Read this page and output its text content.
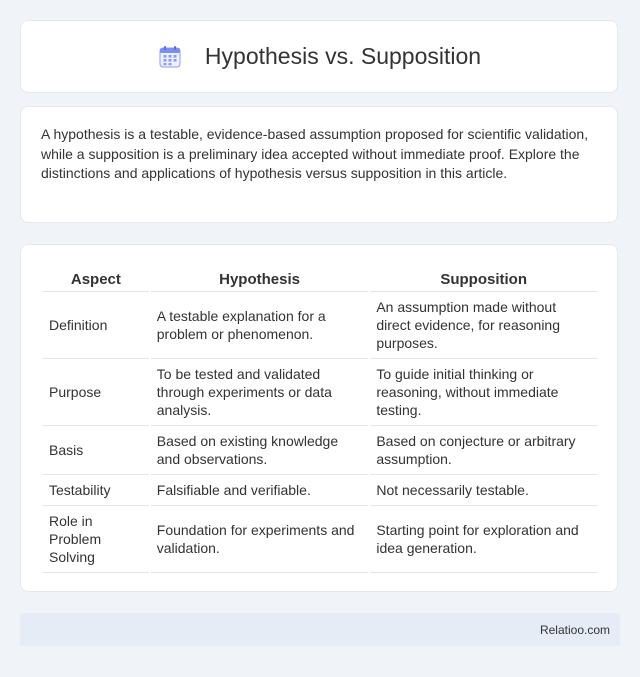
Hypothesis vs. Supposition

A hypothesis is a testable, evidence-based assumption proposed for scientific validation, while a supposition is a preliminary idea accepted without immediate proof. Explore the distinctions and applications of hypothesis versus supposition in this article.

Aspect	Hypothesis	Supposition
Definition	A testable explanation for a problem or phenomenon.	An assumption made without direct evidence, for reasoning purposes.
Purpose	To be tested and validated through experiments or data analysis.	To guide initial thinking or reasoning, without immediate testing.
Basis	Based on existing knowledge and observations.	Based on conjecture or arbitrary assumption.
Testability	Falsifiable and verifiable.	Not necessarily testable.
Role in Problem Solving	Foundation for experiments and validation.	Starting point for exploration and idea generation.
Relatioo.com
